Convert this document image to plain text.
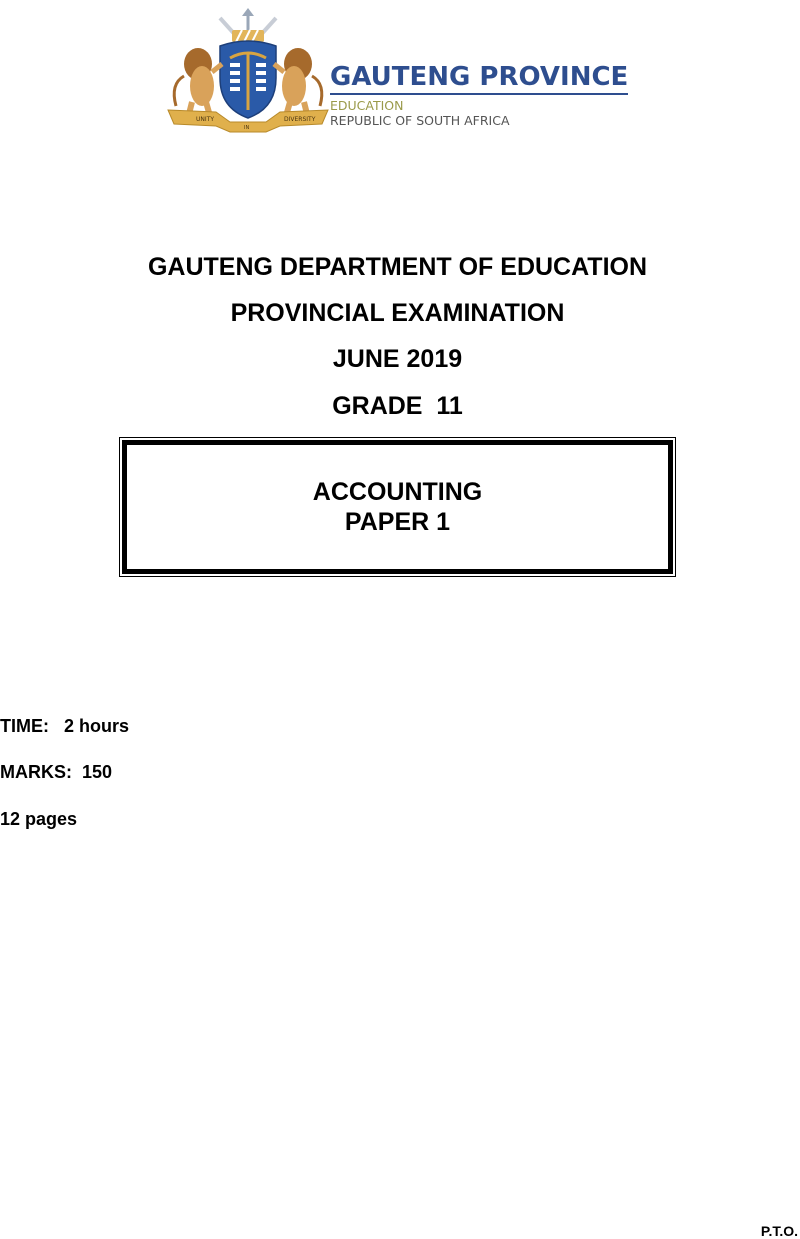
UNITY
IN
DIVERSITY
GAUTENG PROVINCE
EDUCATION
REPUBLIC OF SOUTH AFRICA
GAUTENG DEPARTMENT OF EDUCATION
PROVINCIAL EXAMINATION
JUNE 2019
GRADE  11
ACCOUNTING
PAPER 1
TIME:   2 hours
MARKS:  150
12 pages
P.T.O.
